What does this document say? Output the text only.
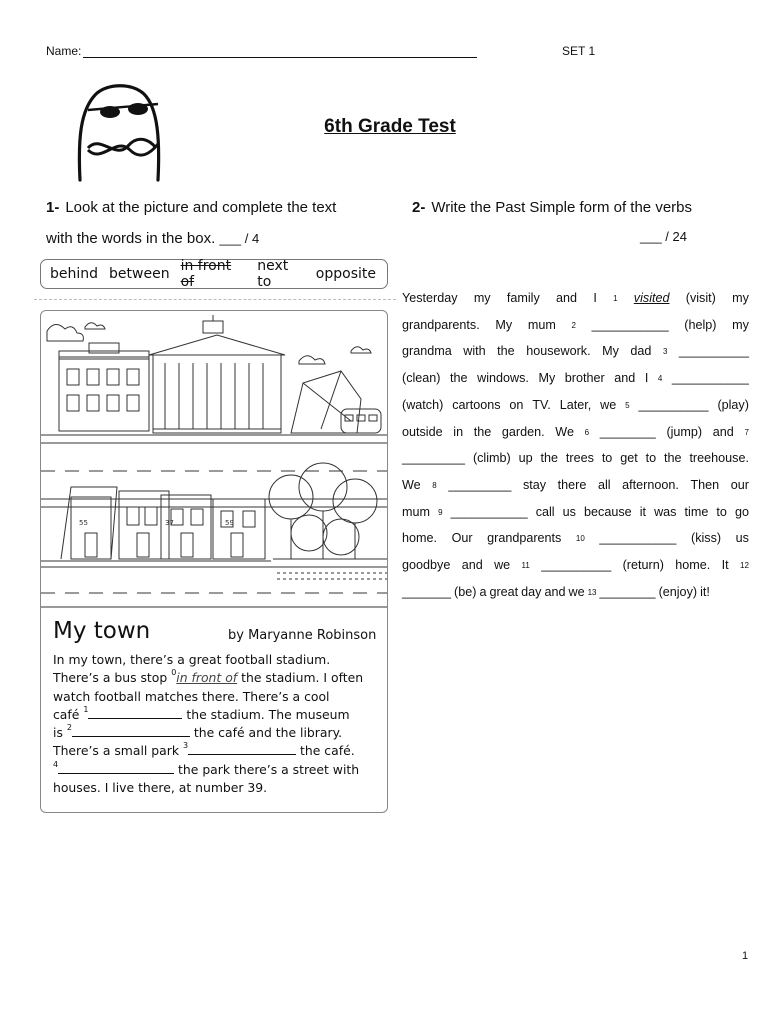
Name:	SET 1
6th Grade Test
1- Look at the picture and complete the text
with the words in the box. ___ / 4
2- Write the Past Simple form of the verbs
___ / 24
behind between in front of
next to	opposite
55	37	59
My town	by Maryanne Robinson
In my town, there’s a great football stadium.
There’s a bus stop $^0$in front of the stadium. I often
watch football matches there. There’s a cool
café $^1$	the stadium. The museum
is $^2$	the café and the library.
There’s a small park $^3$	the café.
$^4$	the park there’s a street with
houses. I live there, at number 39.
Yesterday my family and I 1 visited (visit) my
grandparents. My mum 2 ___________ (help) my
grandma with the housework. My dad 3 __________
(clean) the windows. My brother and I 4 ___________
(watch) cartoons on TV. Later, we 5 __________ (play)
outside in the garden. We 6 ________ (jump) and 7
_________ (climb) up the trees to get to the treehouse.
We 8 _________ stay there all afternoon. Then our
mum 9 ___________ call us because it was time to go
home. Our grandparents 10 ___________ (kiss) us
goodbye and we 11 __________ (return) home. It 12
_______ (be) a great day and we 13 ________ (enjoy) it!
1
